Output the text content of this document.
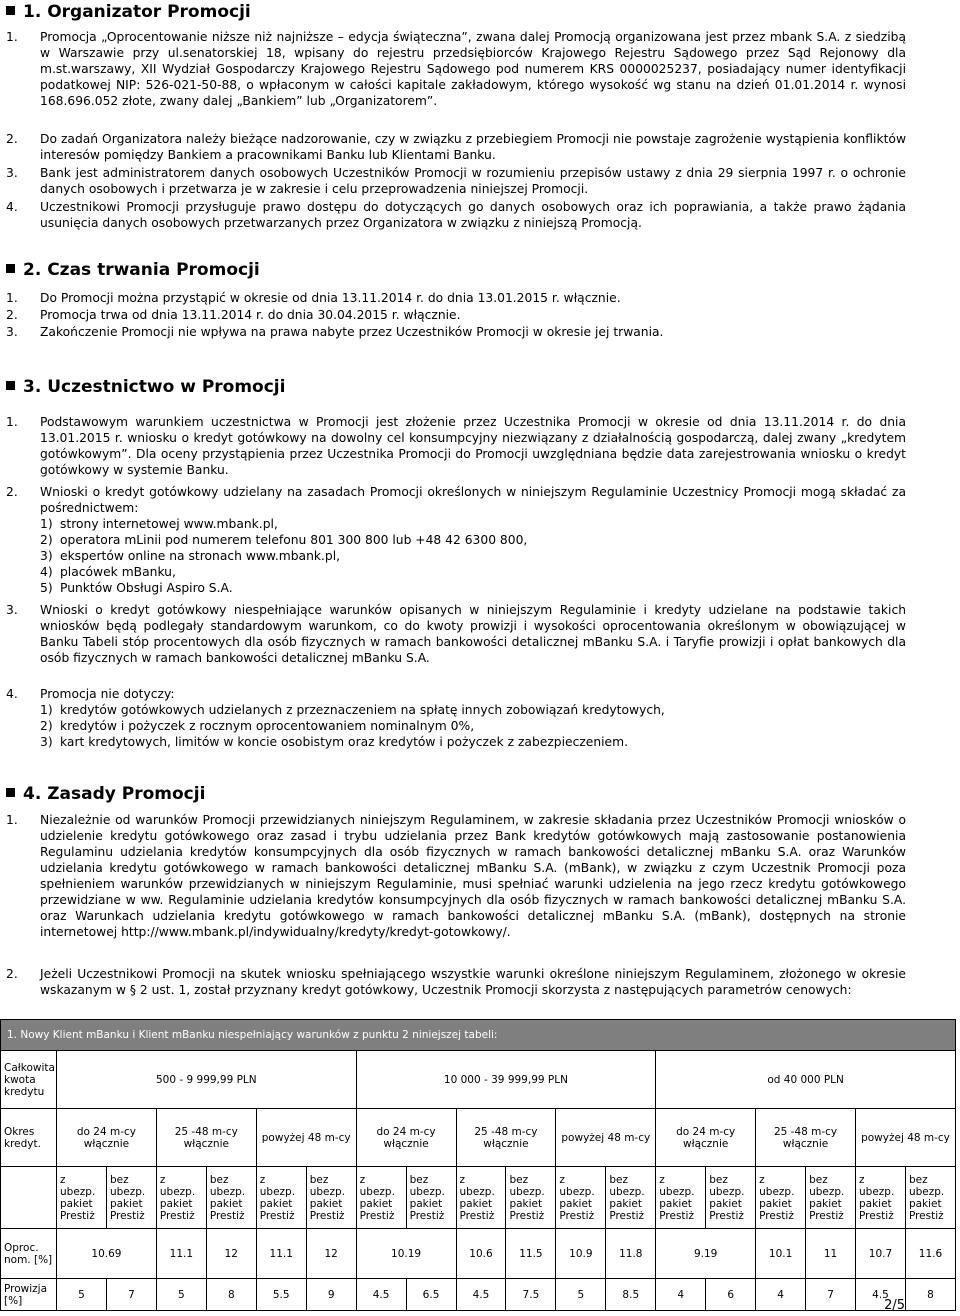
1. Organizator Promocji
1. Promocja „Oprocentowanie niższe niż najniższe – edycja świąteczna”, zwana dalej Promocją organizowana jest przez mbank S.A. z siedzibą w Warszawie przy ul.senatorskiej 18, wpisany do rejestru przedsiębiorców Krajowego Rejestru Sądowego przez Sąd Rejonowy dla m.st.warszawy, XII Wydział Gospodarczy Krajowego Rejestru Sądowego pod numerem KRS 0000025237, posiadający numer identyfikacji podatkowej NIP: 526-021-50-88, o wpłaconym w całości kapitale zakładowym, którego wysokość wg stanu na dzień 01.01.2014 r. wynosi 168.696.052 złote, zwany dalej „Bankiem” lub „Organizatorem”.
2. Do zadań Organizatora należy bieżące nadzorowanie, czy w związku z przebiegiem Promocji nie powstaje zagrożenie wystąpienia konfliktów interesów pomiędzy Bankiem a pracownikami Banku lub Klientami Banku.
3. Bank jest administratorem danych osobowych Uczestników Promocji w rozumieniu przepisów ustawy z dnia 29 sierpnia 1997 r. o ochronie danych osobowych i przetwarza je w zakresie i celu przeprowadzenia niniejszej Promocji.
4. Uczestnikowi Promocji przysługuje prawo dostępu do dotyczących go danych osobowych oraz ich poprawiania, a także prawo żądania usunięcia danych osobowych przetwarzanych przez Organizatora w związku z niniejszą Promocją.
2. Czas trwania Promocji
1. Do Promocji można przystąpić w okresie od dnia 13.11.2014 r. do dnia 13.01.2015 r. włącznie.
2. Promocja trwa od dnia 13.11.2014 r. do dnia 30.04.2015 r. włącznie.
3. Zakończenie Promocji nie wpływa na prawa nabyte przez Uczestników Promocji w okresie jej trwania.
3. Uczestnictwo w Promocji
1. Podstawowym warunkiem uczestnictwa w Promocji jest złożenie przez Uczestnika Promocji w okresie od dnia 13.11.2014 r. do dnia 13.01.2015 r. wniosku o kredyt gotówkowy na dowolny cel konsumpcyjny niezwiązany z działalnością gospodarczą, dalej zwany „kredytem gotówkowym”. Dla oceny przystąpienia przez Uczestnika Promocji do Promocji uwzględniana będzie data zarejestrowania wniosku o kredyt gotówkowy w systemie Banku.
2. Wnioski o kredyt gotówkowy udzielany na zasadach Promocji określonych w niniejszym Regulaminie Uczestnicy Promocji mogą składać za pośrednictwem:
1) strony internetowej www.mbank.pl,
2) operatora mLinii pod numerem telefonu 801 300 800 lub +48 42 6300 800,
3) ekspertów online na stronach www.mbank.pl,
4) placówek mBanku,
5) Punktów Obsługi Aspiro S.A.
3. Wnioski o kredyt gotówkowy niespełniające warunków opisanych w niniejszym Regulaminie i kredyty udzielane na podstawie takich wniosków będą podlegały standardowym warunkom, co do kwoty prowizji i wysokości oprocentowania określonym w obowiązującej w Banku Tabeli stóp procentowych dla osób fizycznych w ramach bankowości detalicznej mBanku S.A. i Taryfie prowizji i opłat bankowych dla osób fizycznych w ramach bankowości detalicznej mBanku S.A.
4. Promocja nie dotyczy:
1) kredytów gotówkowych udzielanych z przeznaczeniem na spłatę innych zobowiązań kredytowych,
2) kredytów i pożyczek z rocznym oprocentowaniem nominalnym 0%,
3) kart kredytowych, limitów w koncie osobistym oraz kredytów i pożyczek z zabezpieczeniem.
4. Zasady Promocji
1. Niezależnie od warunków Promocji przewidzianych niniejszym Regulaminem, w zakresie składania przez Uczestników Promocji wniosków o udzielenie kredytu gotówkowego oraz zasad i trybu udzielania przez Bank kredytów gotówkowych mają zastosowanie postanowienia Regulaminu udzielania kredytów konsumpcyjnych dla osób fizycznych w ramach bankowości detalicznej mBanku S.A. oraz Warunków udzielania kredytu gotówkowego w ramach bankowości detalicznej mBanku S.A. (mBank), w związku z czym Uczestnik Promocji poza spełnieniem warunków przewidzianych w niniejszym Regulaminie, musi spełniać warunki udzielenia na jego rzecz kredytu gotówkowego przewidziane w ww. Regulaminie udzielania kredytów konsumpcyjnych dla osób fizycznych w ramach bankowości detalicznej mBanku S.A. oraz Warunkach udzielania kredytu gotówkowego w ramach bankowości detalicznej mBanku S.A. (mBank), dostępnych na stronie internetowej http://www.mbank.pl/indywidualny/kredyty/kredyt-gotowkowy/.
2. Jeżeli Uczestnikowi Promocji na skutek wniosku spełniającego wszystkie warunki określone niniejszym Regulaminem, złożonego w okresie wskazanym w § 2 ust. 1, został przyznany kredyt gotówkowy, Uczestnik Promocji skorzysta z następujących parametrów cenowych:
1. Nowy Klient mBanku i Klient mBanku niespełniający warunków z punktu 2 niniejszej tabeli:																		
Całkowita kwota kredytu	500 - 9 999,99 PLN						10 000 - 39 999,99 PLN						od 40 000 PLN					
Okres kredyt.	do 24 m-cy włącznie		25 -48 m-cy włącznie		powyżej 48 m-cy		do 24 m-cy włącznie		25 -48 m-cy włącznie		powyżej 48 m-cy		do 24 m-cy włącznie		25 -48 m-cy włącznie		powyżej 48 m-cy	
	z ubezp. pakiet Prestiż	bez ubezp. pakiet Prestiż	z ubezp. pakiet Prestiż	bez ubezp. pakiet Prestiż	z ubezp. pakiet Prestiż	bez ubezp. pakiet Prestiż	z ubezp. pakiet Prestiż	bez ubezp. pakiet Prestiż	z ubezp. pakiet Prestiż	bez ubezp. pakiet Prestiż	z ubezp. pakiet Prestiż	bez ubezp. pakiet Prestiż	z ubezp. pakiet Prestiż	bez ubezp. pakiet Prestiż	z ubezp. pakiet Prestiż	bez ubezp. pakiet Prestiż	z ubezp. pakiet Prestiż	bez ubezp. pakiet Prestiż
Oproc. nom. [%]	10.69		11.1	12	11.1	12	10.19		10.6	11.5	10.9	11.8	9.19		10.1	11	10.7	11.6
Prowizja [%]	5	7	5	8	5.5	9	4.5	6.5	4.5	7.5	5	8.5	4	6	4	7	4.5	8
2/5
